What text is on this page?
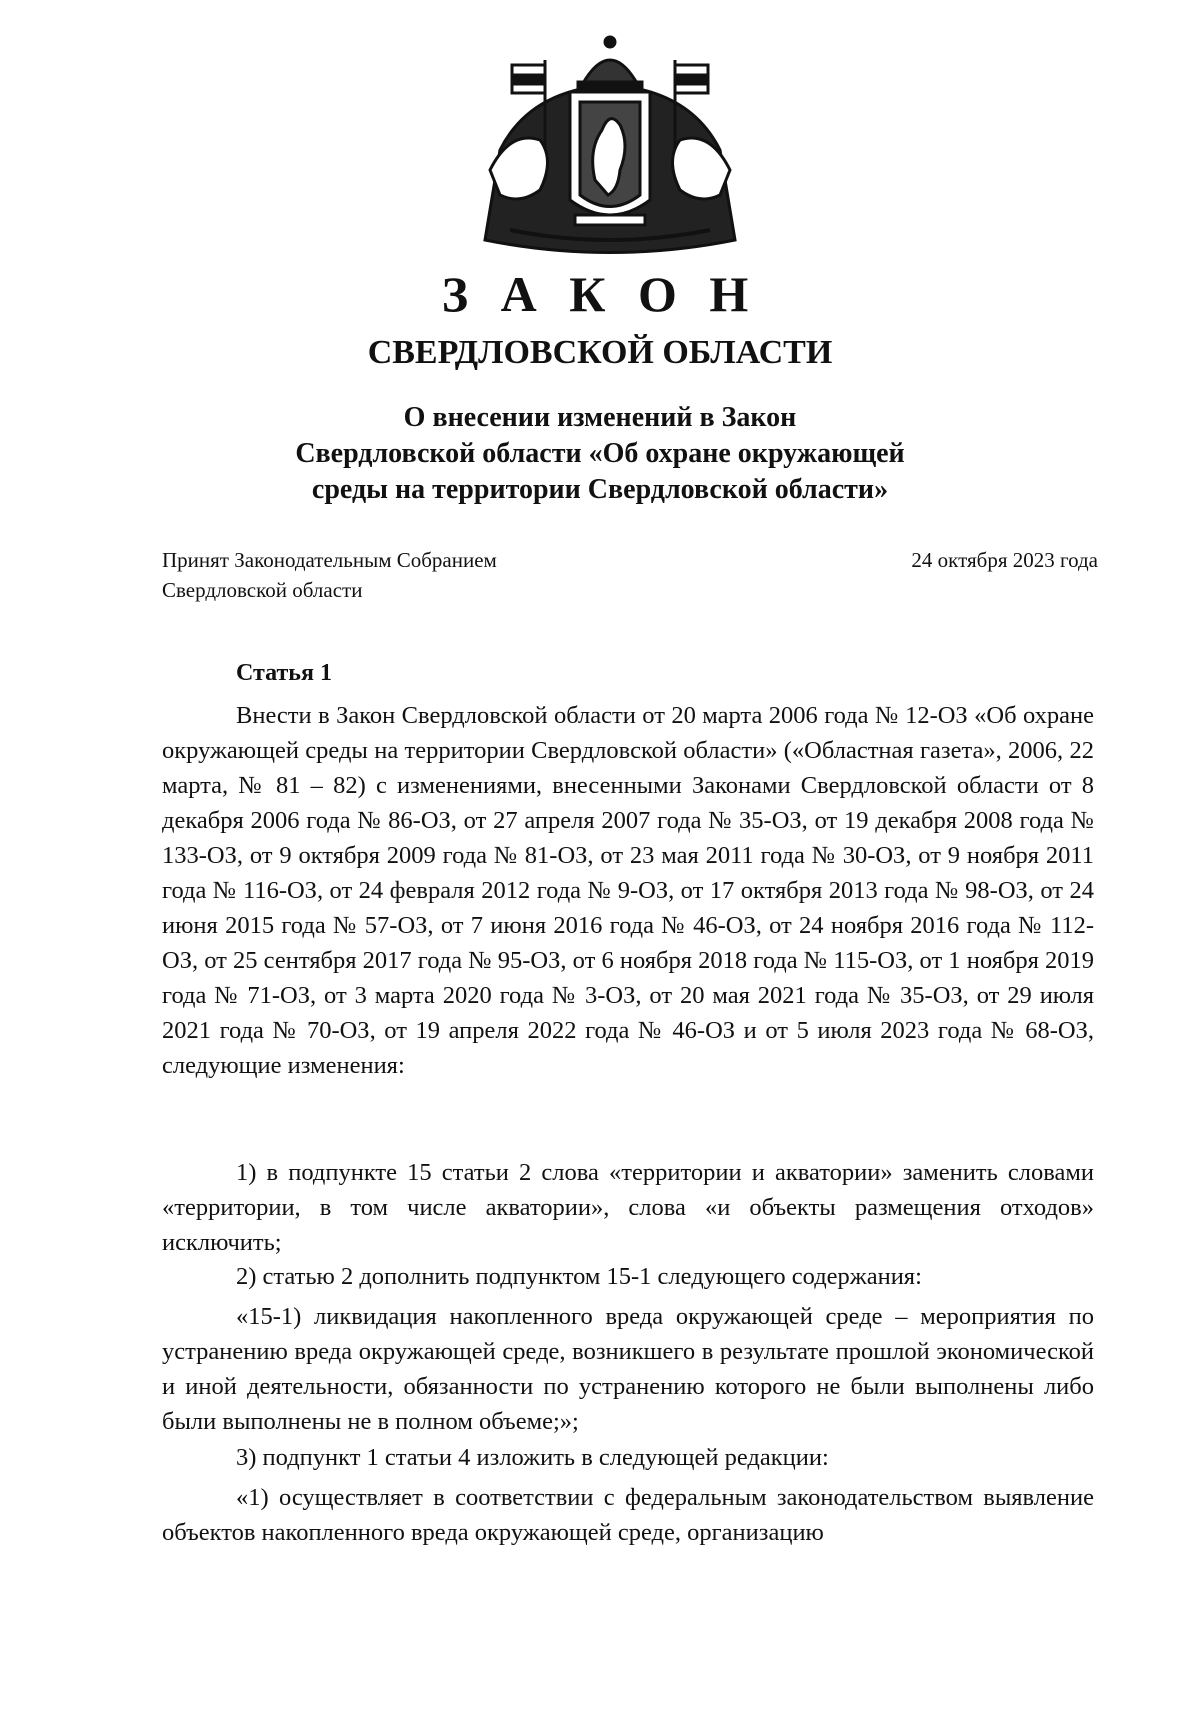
З А К О Н
СВЕРДЛОВСКОЙ ОБЛАСТИ
О внесении изменений в Закон
Свердловской области «Об охране окружающей
среды на территории Свердловской области»
Принят Законодательным Собранием
Свердловской области
24 октября 2023 года
Статья 1

Внести в Закон Свердловской области от 20 марта 2006 года № 12-ОЗ «Об охране окружающей среды на территории Свердловской области» («Областная газета», 2006, 22 марта, № 81 – 82) с изменениями, внесенными Законами Свердловской области от 8 декабря 2006 года № 86-ОЗ, от 27 апреля 2007 года № 35-ОЗ, от 19 декабря 2008 года № 133-ОЗ, от 9 октября 2009 года № 81-ОЗ, от 23 мая 2011 года № 30-ОЗ, от 9 ноября 2011 года № 116-ОЗ, от 24 февраля 2012 года № 9-ОЗ, от 17 октября 2013 года № 98-ОЗ, от 24 июня 2015 года № 57-ОЗ, от 7 июня 2016 года № 46-ОЗ, от 24 ноября 2016 года № 112-ОЗ, от 25 сентября 2017 года № 95-ОЗ, от 6 ноября 2018 года № 115-ОЗ, от 1 ноября 2019 года № 71-ОЗ, от 3 марта 2020 года № 3-ОЗ, от 20 мая 2021 года № 35-ОЗ, от 29 июля 2021 года № 70-ОЗ, от 19 апреля 2022 года № 46-ОЗ и от 5 июля 2023 года № 68-ОЗ, следующие изменения:

1) в подпункте 15 статьи 2 слова «территории и акватории» заменить словами «территории, в том числе акватории», слова «и объекты размещения отходов» исключить;

2) статью 2 дополнить подпунктом 15-1 следующего содержания:

«15-1) ликвидация накопленного вреда окружающей среде – мероприятия по устранению вреда окружающей среде, возникшего в результате прошлой экономической и иной деятельности, обязанности по устранению которого не были выполнены либо были выполнены не в полном объеме;»;

3) подпункт 1 статьи 4 изложить в следующей редакции:

«1) осуществляет в соответствии с федеральным законодательством выявление объектов накопленного вреда окружающей среде, организацию
